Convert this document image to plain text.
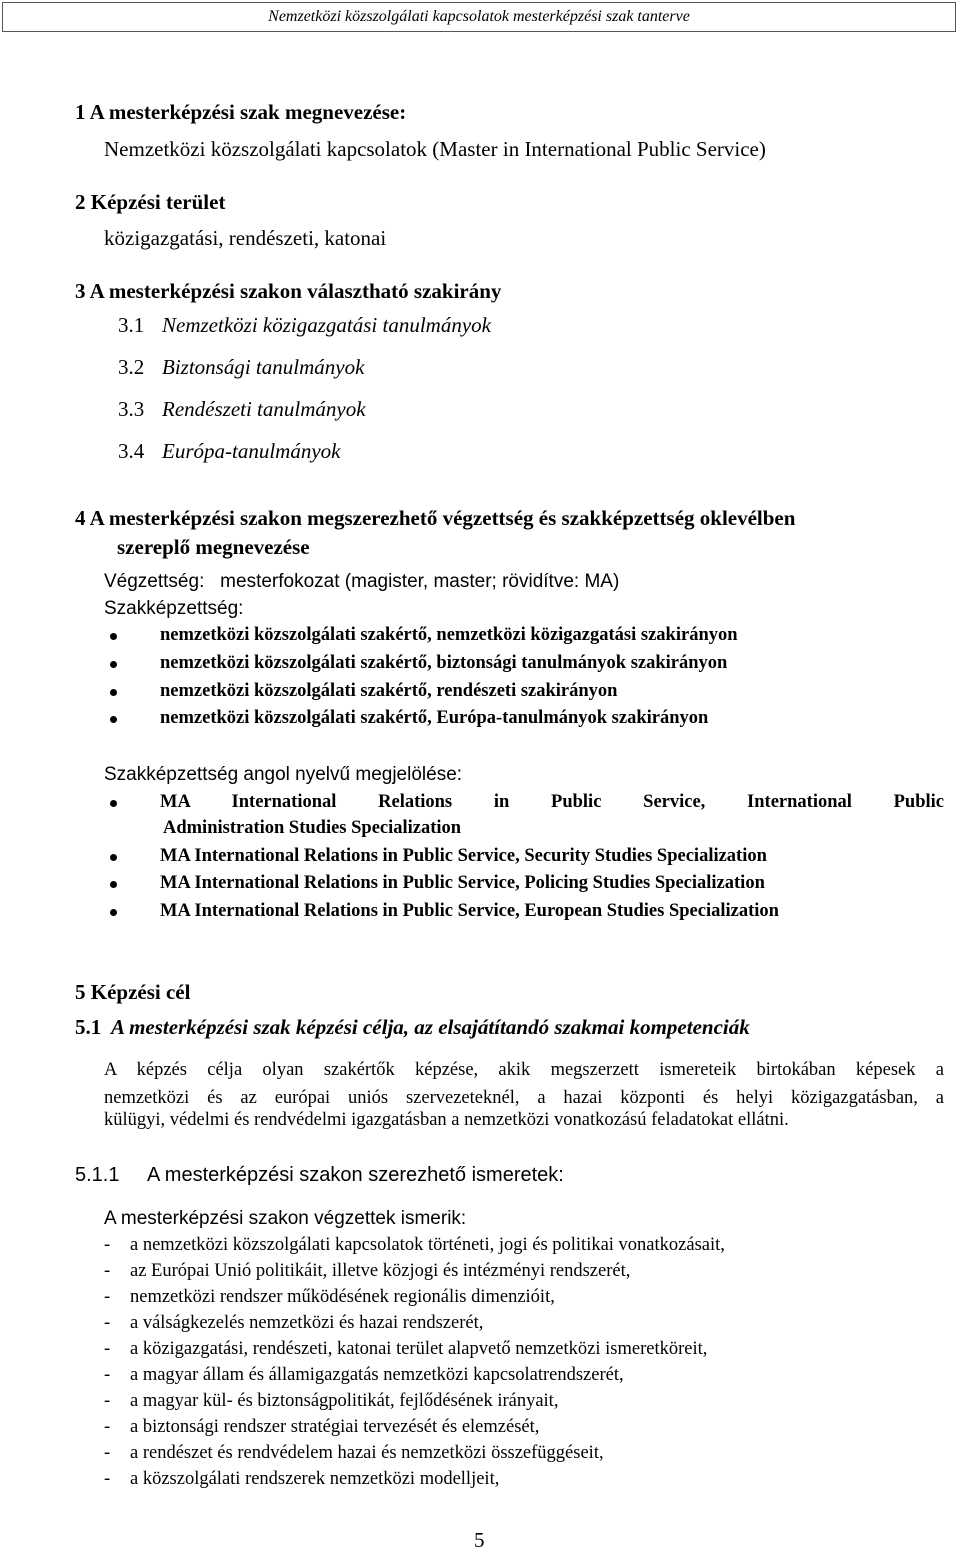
Nemzetközi közszolgálati kapcsolatok mesterképzési szak tanterve
1 A mesterképzési szak megnevezése:
Nemzetközi közszolgálati kapcsolatok (Master in International Public Service)
2 Képzési terület
közigazgatási, rendészeti, katonai
3 A mesterképzési szakon választható szakirány
3.1 Nemzetközi közigazgatási tanulmányok
3.2 Biztonsági tanulmányok
3.3 Rendészeti tanulmányok
3.4 Európa-tanulmányok
4 A mesterképzési szakon megszerezhető végzettség és szakképzettség oklevélben
szereplő megnevezése
Végzettség:   mesterfokozat (magister, master; rövidítve: MA)
Szakképzettség:
nemzetközi közszolgálati szakértő, nemzetközi közigazgatási szakirányon
nemzetközi közszolgálati szakértő, biztonsági tanulmányok szakirányon
nemzetközi közszolgálati szakértő, rendészeti szakirányon
nemzetközi közszolgálati szakértő, Európa-tanulmányok szakirányon
Szakképzettség angol nyelvű megjelölése:
MA International Relations in Public Service, International Public
Administration Studies Specialization
MA International Relations in Public Service, Security Studies Specialization
MA International Relations in Public Service, Policing Studies Specialization
MA International Relations in Public Service, European Studies Specialization
5 Képzési cél
5.1 A mesterképzési szak képzési célja, az elsajátítandó szakmai kompetenciák
A képzés célja olyan szakértők képzése, akik megszerzett ismereteik birtokában képesek a
nemzetközi és az európai uniós szervezeteknél, a hazai központi és helyi közigazgatásban, a
külügyi, védelmi és rendvédelmi igazgatásban a nemzetközi vonatkozású feladatokat ellátni.
5.1.1 A mesterképzési szakon szerezhető ismeretek:
A mesterképzési szakon végzettek ismerik:
- a nemzetközi közszolgálati kapcsolatok történeti, jogi és politikai vonatkozásait,
- az Európai Unió politikáit, illetve közjogi és intézményi rendszerét,
- nemzetközi rendszer működésének regionális dimenzióit,
- a válságkezelés nemzetközi és hazai rendszerét,
- a közigazgatási, rendészeti, katonai terület alapvető nemzetközi ismeretköreit,
- a magyar állam és államigazgatás nemzetközi kapcsolatrendszerét,
- a magyar kül- és biztonságpolitikát, fejlődésének irányait,
- a biztonsági rendszer stratégiai tervezését és elemzését,
- a rendészet és rendvédelem hazai és nemzetközi összefüggéseit,
- a közszolgálati rendszerek nemzetközi modelljeit,
5
